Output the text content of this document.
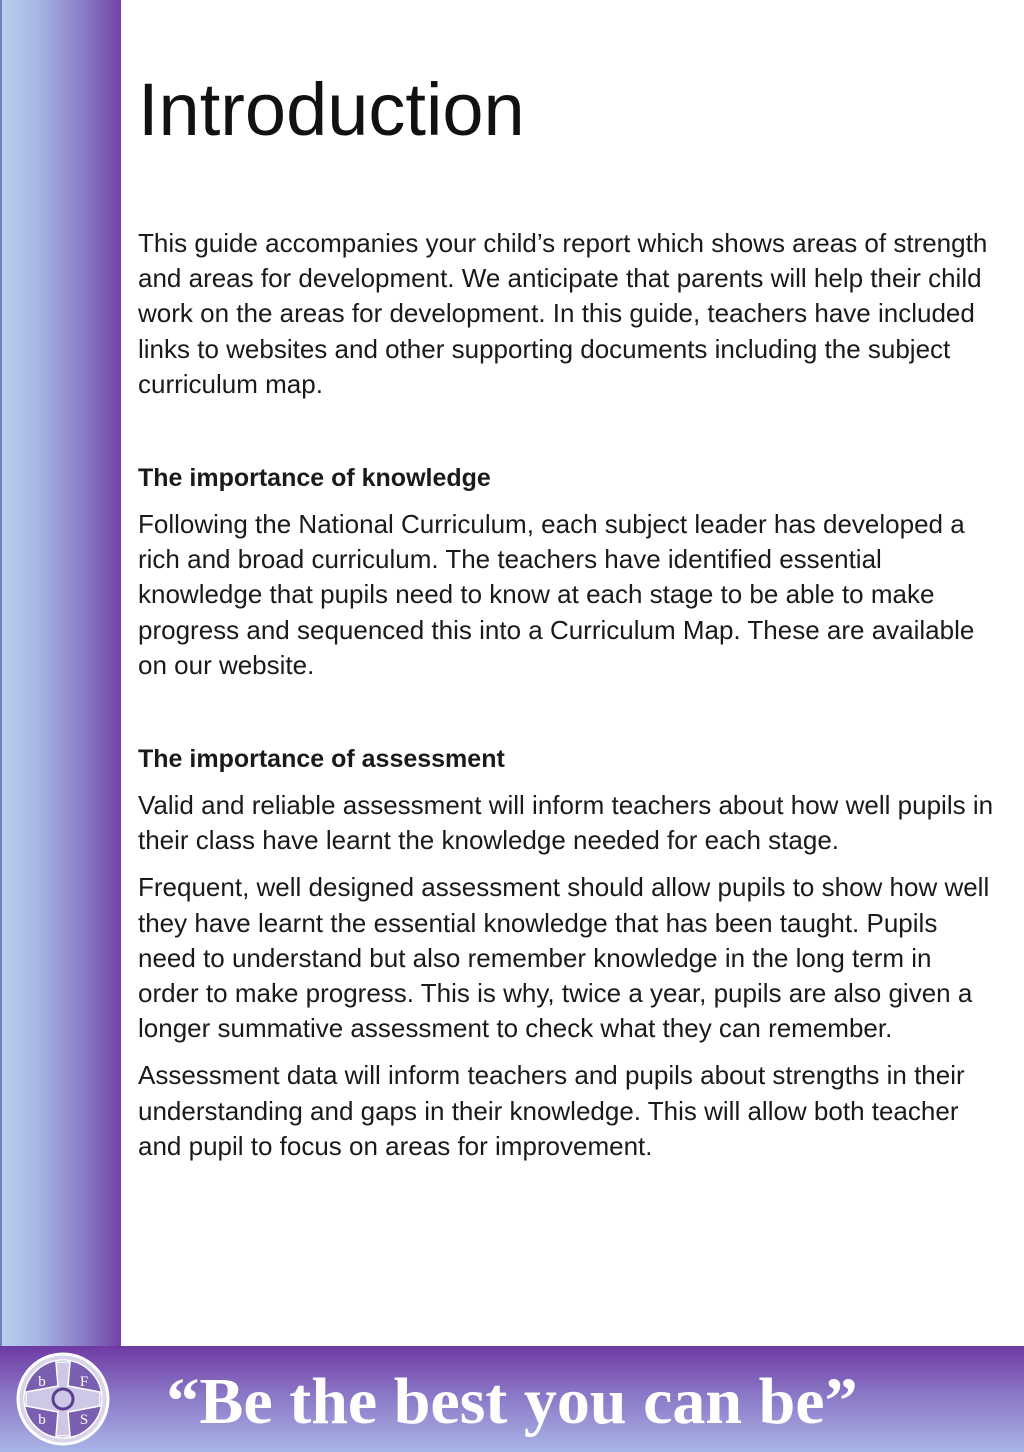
Introduction

This guide accompanies your child’s report which shows areas of strength and areas for development. We anticipate that parents will help their child work on the areas for development. In this guide, teachers have included links to websites and other supporting documents including the subject curriculum map.

The importance of knowledge

Following the National Curriculum, each subject leader has developed a rich and broad curriculum. The teachers have identified essential knowledge that pupils need to know at each stage to be able to make progress and sequenced this into a Curriculum Map. These are available on our website.

The importance of assessment

Valid and reliable assessment will inform teachers about how well pupils in their class have learnt the knowledge needed for each stage.

Frequent, well designed assessment should allow pupils to show how well they have learnt the essential knowledge that has been taught. Pupils need to understand but also remember knowledge in the long term in order to make progress. This is why, twice a year, pupils are also given a longer summative assessment to check what they can remember.

Assessment data will inform teachers and pupils about strengths in their understanding and gaps in their knowledge. This will allow both teacher and pupil to focus on areas for improvement.

b F
b S	“Be the best you can be”
